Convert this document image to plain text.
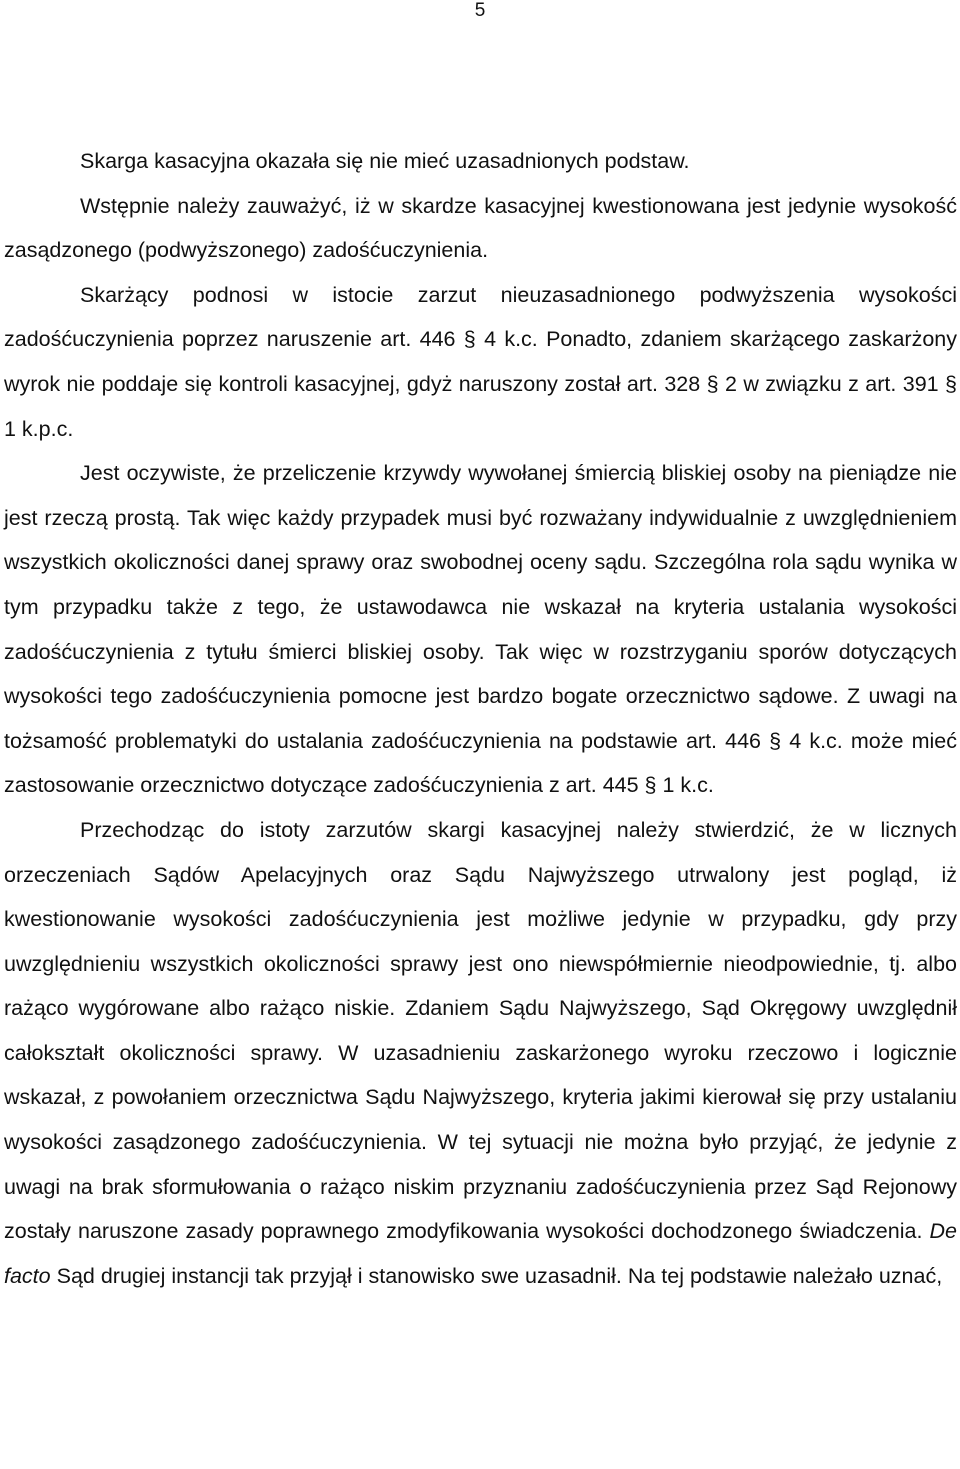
5

Skarga kasacyjna okazała się nie mieć uzasadnionych podstaw.

Wstępnie należy zauważyć, iż w skardze kasacyjnej kwestionowana jest jedynie wysokość zasądzonego (podwyższonego) zadośćuczynienia.

Skarżący podnosi w istocie zarzut nieuzasadnionego podwyższenia wysokości zadośćuczynienia poprzez naruszenie art. 446 § 4 k.c. Ponadto, zdaniem skarżącego zaskarżony wyrok nie poddaje się kontroli kasacyjnej, gdyż naruszony został art. 328 § 2 w związku z art. 391 § 1 k.p.c.

Jest oczywiste, że przeliczenie krzywdy wywołanej śmiercią bliskiej osoby na pieniądze nie jest rzeczą prostą. Tak więc każdy przypadek musi być rozważany indywidualnie z uwzględnieniem wszystkich okoliczności danej sprawy oraz swobodnej oceny sądu. Szczególna rola sądu wynika w tym przypadku także z tego, że ustawodawca nie wskazał na kryteria ustalania wysokości zadośćuczynienia z tytułu śmierci bliskiej osoby. Tak więc w rozstrzyganiu sporów dotyczących wysokości tego zadośćuczynienia pomocne jest bardzo bogate orzecznictwo sądowe. Z uwagi na tożsamość problematyki do ustalania zadośćuczynienia na podstawie art. 446 § 4 k.c. może mieć zastosowanie orzecznictwo dotyczące zadośćuczynienia z art. 445 § 1 k.c.

Przechodząc do istoty zarzutów skargi kasacyjnej należy stwierdzić, że w licznych orzeczeniach Sądów Apelacyjnych oraz Sądu Najwyższego utrwalony jest pogląd, iż kwestionowanie wysokości zadośćuczynienia jest możliwe jedynie w przypadku, gdy przy uwzględnieniu wszystkich okoliczności sprawy jest ono niewspółmiernie nieodpowiednie, tj. albo rażąco wygórowane albo rażąco niskie. Zdaniem Sądu Najwyższego, Sąd Okręgowy uwzględnił całokształt okoliczności sprawy. W uzasadnieniu zaskarżonego wyroku rzeczowo i logicznie wskazał, z powołaniem orzecznictwa Sądu Najwyższego, kryteria jakimi kierował się przy ustalaniu wysokości zasądzonego zadośćuczynienia. W tej sytuacji nie można było przyjąć, że jedynie z uwagi na brak sformułowania o rażąco niskim przyznaniu zadośćuczynienia przez Sąd Rejonowy zostały naruszone zasady poprawnego zmodyfikowania wysokości dochodzonego świadczenia. De facto Sąd drugiej instancji tak przyjął i stanowisko swe uzasadnił. Na tej podstawie należało uznać,
